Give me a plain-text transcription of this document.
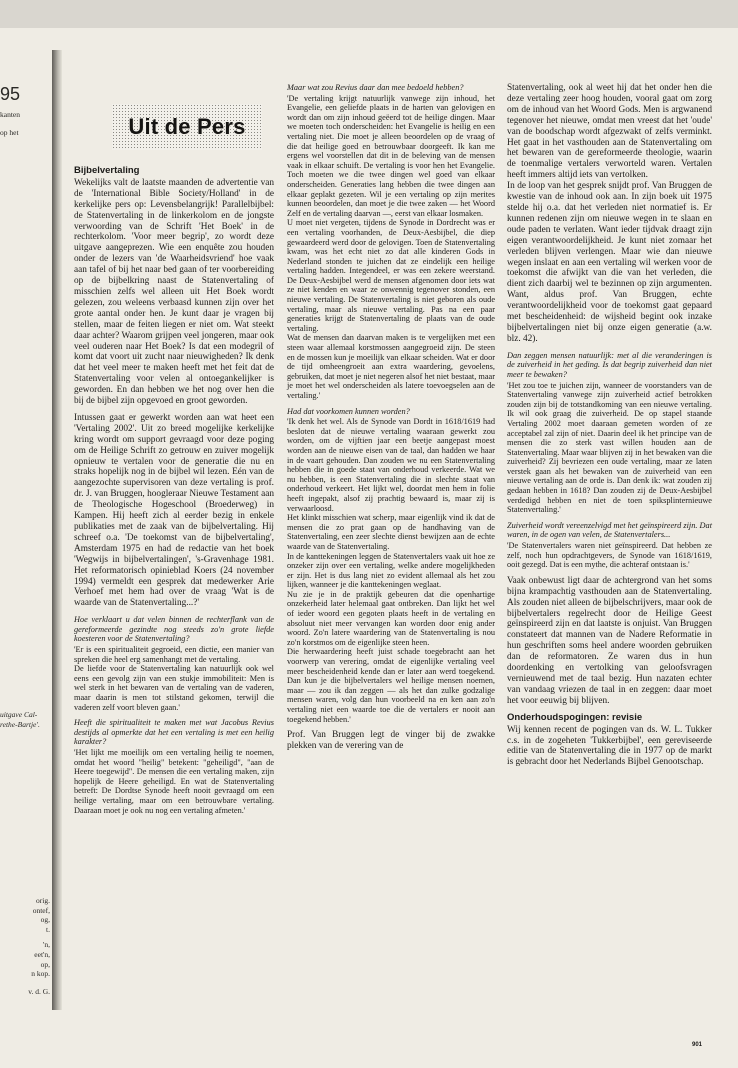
95
kanten
op het
uitgave Cal-
rethe-Bartje'.
orig.
ontef,
og,
t.
'n,
eet'n,
op,
n kop.
v. d. G.
Uit de Pers
Bijbelvertaling

Wekelijks valt de laatste maanden de advertentie van de 'International Bible Society/Holland' in de kerkelijke pers op: Levensbelangrijk! Parallelbijbel: de Statenvertaling in de linkerkolom en de jongste verwoording van de Schrift 'Het Boek' in de rechterkolom. 'Voor meer begrip', zo wordt deze uitgave aangeprezen. Wie een enquête zou houden onder de lezers van 'de Waarheidsvriend' hoe vaak aan tafel of bij het naar bed gaan of ter voorbereiding op de bijbelkring naast de Statenvertaling of misschien zelfs wel alleen uit Het Boek wordt gelezen, zou weleens verbaasd kunnen zijn over het grote aantal onder hen. Je kunt daar je vragen bij stellen, maar de feiten liegen er niet om. Wat steekt daar achter? Waarom grijpen veel jongeren, maar ook veel ouderen naar Het Boek? Is dat een modegril of komt dat voort uit zucht naar nieuwigheden? Ik denk dat het veel meer te maken heeft met het feit dat de Statenvertaling voor velen al ontoegankelijker is geworden. En dan hebben we het nog over hen die bij de bijbel zijn opgevoed en groot geworden.

Intussen gaat er gewerkt worden aan wat heet een 'Vertaling 2002'. Uit zo breed mogelijke kerkelijke kring wordt om support gevraagd voor deze poging om de Heilige Schrift zo getrouw en zuiver mogelijk opnieuw te vertalen voor de generatie die nu en straks hopelijk nog in de bijbel wil lezen. Eén van de aangezochte supervisoren van deze vertaling is prof. dr. J. van Bruggen, hoogleraar Nieuwe Testament aan de Theologische Hogeschool (Broederweg) in Kampen. Hij heeft zich al eerder bezig in enkele publikaties met de zaak van de bijbelvertaling. Hij schreef o.a. 'De toekomst van de bijbelvertaling', Amsterdam 1975 en had de redactie van het boek 'Wegwijs in bijbelvertalingen', 's-Gravenhage 1981. Het reformatorisch opinieblad Koers (24 november 1994) vermeldt een gesprek dat medewerker Arie Verhoef met hem had over de vraag 'Wat is de waarde van de Statenvertaling...?'

Hoe verklaart u dat velen binnen de rechterflank van de gereformeerde gezindte nog steeds zo'n grote liefde koesteren voor de Statenvertaling?

'Er is een spiritualiteit gegroeid, een dictie, een manier van spreken die heel erg samenhangt met de vertaling.

De liefde voor de Statenvertaling kan natuurlijk ook wel eens een gevolg zijn van een stukje immobiliteit: Men is wel sterk in het bewaren van de vertaling van de vaderen, maar daarin is men tot stilstand gekomen, terwijl die vaderen zelf voort bleven gaan.'

Heeft die spiritualiteit te maken met wat Jacobus Revius destijds al opmerkte dat het een vertaling is met een heilig karakter?

'Het lijkt me moeilijk om een vertaling heilig te noemen, omdat het woord "heilig" betekent: "geheiligd", "aan de Heere toegewijd". De mensen die een vertaling maken, zijn hopelijk de Heere geheiligd. En wat de Statenvertaling betreft: De Dordtse Synode heeft nooit gevraagd om een heilige vertaling, maar om een betrouwbare vertaling. Daaraan moet je ook nu nog een vertaling afmeten.'

Maar wat zou Revius daar dan mee bedoeld hebben?

'De vertaling krijgt natuurlijk vanwege zijn inhoud, het Evangelie, een geliefde plaats in de harten van gelovigen en wordt dan om zijn inhoud geëerd tot de heilige dingen. Maar we moeten toch onderscheiden: het Evangelie is heilig en een vertaling niet. Die moet je alleen beoordelen op de vraag of die dat heilige goed en betrouwbaar doorgeeft. Ik kan me ergens wel voorstellen dat dit in de beleving van de mensen vaak in elkaar schuift. De vertaling is voor hen het Evangelie. Toch moeten we die twee dingen wel goed van elkaar onderscheiden. Generaties lang hebben die twee dingen aan elkaar geplakt gezeten. Wil je een vertaling op zijn merites kunnen beoordelen, dan moet je die twee zaken — het Woord Zelf en de vertaling daarvan —, eerst van elkaar losmaken.

U moet niet vergeten, tijdens de Synode in Dordrecht was er een vertaling voorhanden, de Deux-Aesbijbel, die diep gewaardeerd werd door de gelovigen. Toen de Statenvertaling kwam, was het echt niet zo dat alle kinderen Gods in Nederland stonden te juichen dat ze eindelijk een heilige vertaling hadden. Integendeel, er was een zekere weerstand. De Deux-Aesbijbel werd de mensen afgenomen door iets wat ze niet kenden en waar ze onwennig tegenover stonden, een nieuwe vertaling. De Statenvertaling is niet geboren als oude vertaling, maar als nieuwe vertaling. Pas na een paar generaties krijgt de Statenvertaling de plaats van de oude vertaling.

Wat de mensen dan daarvan maken is te vergelijken met een steen waar allemaal korstmossen aangegroeid zijn. De steen en de mossen kun je moeilijk van elkaar scheiden. Wat er door de tijd omheengroeit aan extra waardering, gevoelens, gebruiken, dat moet je niet negeren alsof het niet bestaat, maar je moet het wel onderscheiden als latere toevoegselen aan de vertaling.'

Had dat voorkomen kunnen worden?

'Ik denk het wel. Als de Synode van Dordt in 1618/1619 had besloten dat de nieuwe vertaling waaraan gewerkt zou worden, om de vijftien jaar een beetje aangepast moest worden aan de nieuwe eisen van de taal, dan hadden we haar in de vaart gehouden. Dan zouden we nu een Statenvertaling hebben die in goede staat van onderhoud verkeerde. Wat we nu hebben, is een Statenvertaling die in slechte staat van onderhoud verkeert. Het lijkt wel, doordat men hem in folie heeft ingepakt, alsof zij prachtig bewaard is, maar zij is verwaarloosd.

Het klinkt misschien wat scherp, maar eigenlijk vind ik dat de mensen die zo prat gaan op de handhaving van de Statenvertaling, een zeer slechte dienst bewijzen aan de echte waarde van de Statenvertaling.

In de kanttekeningen leggen de Statenvertalers vaak uit hoe ze onzeker zijn over een vertaling, welke andere mogelijkheden er zijn. Het is dus lang niet zo evident allemaal als het zou lijken, wanneer je die kanttekeningen weglaat.

Nu zie je in de praktijk gebeuren dat die openhartige onzekerheid later helemaal gaat ontbreken. Dan lijkt het wel of ieder woord een gegoten plaats heeft in de vertaling en absoluut niet meer vervangen kan worden door enig ander woord. Zo'n latere waardering van de Statenvertaling is nou zo'n korstmos om de eigenlijke steen heen.

Die herwaardering heeft juist schade toegebracht aan het voorwerp van verering, omdat de eigenlijke vertaling veel meer bescheidenheid kende dan er later aan werd toegekend. Dan kun je die bijbelvertalers wel heilige mensen noemen, maar — zou ik dan zeggen — als het dan zulke godzalige mensen waren, volg dan hun voorbeeld na en ken aan zo'n vertaling niet een waarde toe die de vertalers er nooit aan toegekend hebben.'

Prof. Van Bruggen legt de vinger bij de zwakke plekken van de verering van de

Statenvertaling, ook al weet hij dat het onder hen die deze vertaling zeer hoog houden, vooral gaat om zorg om de inhoud van het Woord Gods. Men is argwanend tegenover het nieuwe, omdat men vreest dat het 'oude' van de boodschap wordt afgezwakt of zelfs verminkt. Het gaat in het vasthouden aan de Statenvertaling om het bewaren van de gereformeerde theologie, waarin de toenmalige vertalers verworteld waren. Vertalen heeft immers altijd iets van vertolken.

In de loop van het gesprek snijdt prof. Van Bruggen de kwestie van de inhoud ook aan. In zijn boek uit 1975 stelde hij o.a. dat het verleden niet normatief is. Er kunnen redenen zijn om nieuwe wegen in te slaan en oude paden te verlaten. Want ieder tijdvak draagt zijn eigen verantwoordelijkheid. Je kunt niet zomaar het verleden blijven verlengen. Maar wie dan nieuwe wegen inslaat en aan een vertaling wil werken voor de toekomst die afwijkt van die van het verleden, die dient zich daarbij wel te bezinnen op zijn argumenten. Want, aldus prof. Van Bruggen, echte verantwoordelijkheid voor de toekomst gaat gepaard met bescheidenheid: de wijsheid begint ook inzake bijbelvertalingen niet bij onze eigen generatie (a.w. blz. 42).

Dan zeggen mensen natuurlijk: met al die veranderingen is de zuiverheid in het geding. Is dat begrip zuiverheid dan niet meer te bewaken?

'Het zou toe te juichen zijn, wanneer de voorstanders van de Statenvertaling vanwege zijn zuiverheid actief betrokken zouden zijn bij de totstandkoming van een nieuwe vertaling. Ik wil ook graag die zuiverheid. De op stapel staande Vertaling 2002 moet daaraan gemeten worden of ze acceptabel zal zijn of niet. Daarin deel ik het principe van de mensen die zo sterk vast willen houden aan de Statenvertaling. Maar waar blijven zij in het bewaken van die zuiverheid? Zij bevriezen een oude vertaling, maar ze laten verstek gaan als het bewaken van de zuiverheid van een nieuwe vertaling aan de orde is. Dan denk ik: wat zouden zij gedaan hebben in 1618? Dan zouden zij de Deux-Aesbijbel verdedigd hebben en niet de toen spiksplinternieuwe Statenvertaling.'

Zuiverheid wordt vereenzelvigd met het geïnspireerd zijn. Dat waren, in de ogen van velen, de Statenvertalers...

'De Statenvertalers waren niet geïnspireerd. Dat hebben ze zelf, noch hun opdrachtgevers, de Synode van 1618/1619, ooit gezegd. Dat is een mythe, die achteraf ontstaan is.'

Vaak onbewust ligt daar de achtergrond van het soms bijna krampachtig vasthouden aan de Statenvertaling. Als zouden niet alleen de bijbelschrijvers, maar ook de bijbelvertalers regelrecht door de Heilige Geest geïnspireerd zijn en dat laatste is onjuist. Van Bruggen constateert dat mannen van de Nadere Reformatie in hun geschriften soms heel andere woorden gebruiken dan de reformatoren. Ze waren dus in hun doordenking en vertolking van geloofsvragen vernieuwend met de taal bezig. Hun nazaten echter van vandaag vriezen de taal in en zeggen: daar moet het voor eeuwig bij blijven.

Onderhoudspogingen: revisie

Wij kennen recent de pogingen van ds. W. L. Tukker c.s. in de zogeheten 'Tukkerbijbel', een gereviseerde editie van de Statenvertaling die in 1977 op de markt is gebracht door het Nederlands Bijbel Genootschap.

901
